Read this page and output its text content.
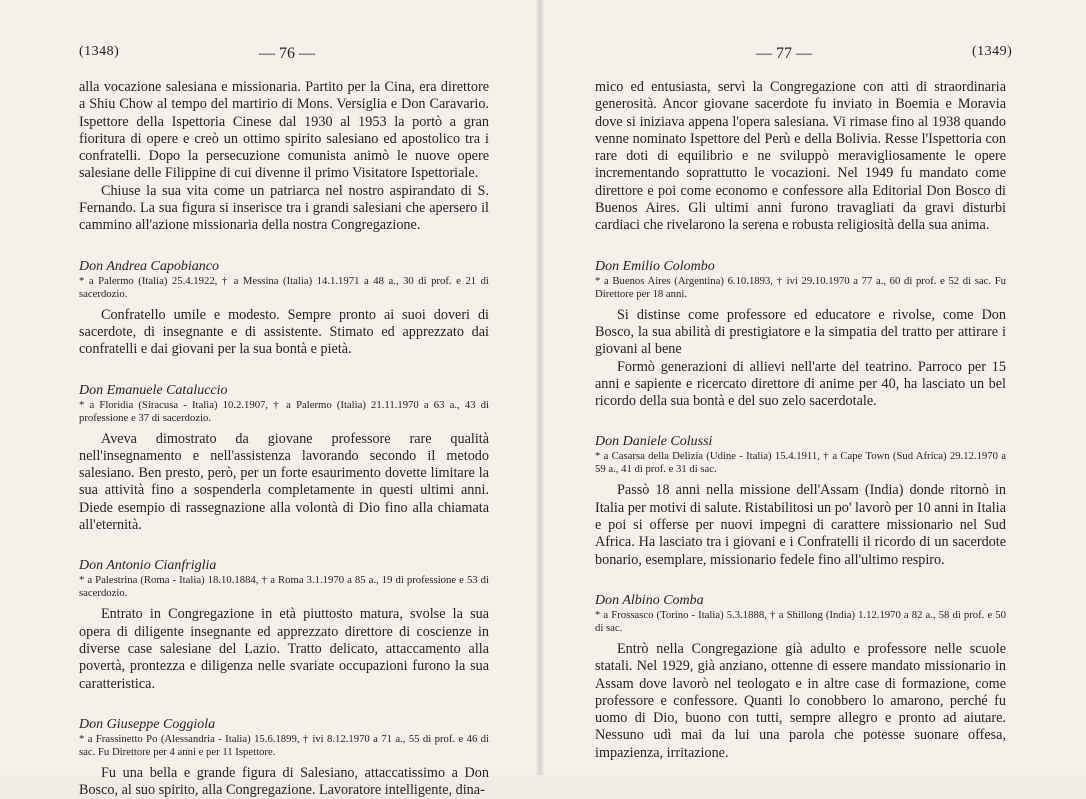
(1348)	— 76 —

alla vocazione salesiana e missionaria. Partito per la Cina, era direttore a Shiu Chow al tempo del martirio di Mons. Versiglia e Don Caravario. Ispettore della Ispettoria Cinese dal 1930 al 1953 la portò a gran fioritura di opere e creò un ottimo spirito salesiano ed apostolico tra i confratelli. Dopo la persecuzione comunista animò le nuove opere salesiane delle Filippine di cui divenne il primo Visitatore Ispettoriale.

Chiuse la sua vita come un patriarca nel nostro aspirandato di S. Fernando. La sua figura si inserisce tra i grandi salesiani che apersero il cammino all'azione missionaria della nostra Congregazione.

Don Andrea Capobianco
* a Palermo (Italia) 25.4.1922, † a Messina (Italia) 14.1.1971 a 48 a., 30 di prof. e 21 di sacerdozio.

Confratello umile e modesto. Sempre pronto ai suoi doveri di sacerdote, di insegnante e di assistente. Stimato ed apprezzato dai confratelli e dai giovani per la sua bontà e pietà.

Don Emanuele Cataluccio
* a Floridia (Siracusa - Italia) 10.2.1907, † a Palermo (Italia) 21.11.1970 a 63 a., 43 di professione e 37 di sacerdozio.

Aveva dimostrato da giovane professore rare qualità nell'insegnamento e nell'assistenza lavorando secondo il metodo salesiano. Ben presto, però, per un forte esaurimento dovette limitare la sua attività fino a sospenderla completamente in questi ultimi anni. Diede esempio di rassegnazione alla volontà di Dio fino alla chiamata all'eternità.

Don Antonio Cianfriglia
* a Palestrina (Roma - Italia) 18.10.1884, † a Roma 3.1.1970 a 85 a., 19 di professione e 53 di sacerdozio.

Entrato in Congregazione in età piuttosto matura, svolse la sua opera di diligente insegnante ed apprezzato direttore di coscienze in diverse case salesiane del Lazio. Tratto delicato, attaccamento alla povertà, prontezza e diligenza nelle svariate occupazioni furono la sua caratteristica.

Don Giuseppe Coggiola
* a Frassinetto Po (Alessandria - Italia) 15.6.1899, † ivi 8.12.1970 a 71 a., 55 di prof. e 46 di sac. Fu Direttore per 4 anni e per 11 Ispettore.

Fu una bella e grande figura di Salesiano, attaccatissimo a Don Bosco, al suo spirito, alla Congregazione. Lavoratore intelligente, dina-

— 77 —	(1349)

mico ed entusiasta, servì la Congregazione con atti di straordinaria generosità. Ancor giovane sacerdote fu inviato in Boemia e Moravia dove si iniziava appena l'opera salesiana. Vi rimase fino al 1938 quando venne nominato Ispettore del Perù e della Bolivia. Resse l'Ispettoria con rare doti di equilibrio e ne sviluppò meravigliosamente le opere incrementando soprattutto le vocazioni. Nel 1949 fu mandato come direttore e poi come economo e confessore alla Editorial Don Bosco di Buenos Aires. Gli ultimi anni furono travagliati da gravi disturbi cardiaci che rivelarono la serena e robusta religiosità della sua anima.

Don Emilio Colombo
* a Buenos Aires (Argentina) 6.10.1893, † ivi 29.10.1970 a 77 a., 60 di prof. e 52 di sac. Fu Direttore per 18 anni.

Si distinse come professore ed educatore e rivolse, come Don Bosco, la sua abilità di prestigiatore e la simpatia del tratto per attirare i giovani al bene

Formò generazioni di allievi nell'arte del teatrino. Parroco per 15 anni e sapiente e ricercato direttore di anime per 40, ha lasciato un bel ricordo della sua bontà e del suo zelo sacerdotale.

Don Daniele Colussi
* a Casarsa della Delizia (Udine - Italia) 15.4.1911, † a Cape Town (Sud Africa) 29.12.1970 a 59 a., 41 di prof. e 31 di sac.

Passò 18 anni nella missione dell'Assam (India) donde ritornò in Italia per motivi di salute. Ristabilitosi un po' lavorò per 10 anni in Italia e poi si offerse per nuovi impegni di carattere missionario nel Sud Africa. Ha lasciato tra i giovani e i Confratelli il ricordo di un sacerdote bonario, esemplare, missionario fedele fino all'ultimo respiro.

Don Albino Comba
* a Frossasco (Torino - Italia) 5.3.1888, † a Shillong (India) 1.12.1970 a 82 a., 58 di prof. e 50 di sac.

Entrò nella Congregazione già adulto e professore nelle scuole statali. Nel 1929, già anziano, ottenne di essere mandato missionario in Assam dove lavorò nel teologato e in altre case di formazione, come professore e confessore. Quanti lo conobbero lo amarono, perché fu uomo di Dio, buono con tutti, sempre allegro e pronto ad aiutare. Nessuno udì mai da lui una parola che potesse suonare offesa, impazienza, irritazione.
